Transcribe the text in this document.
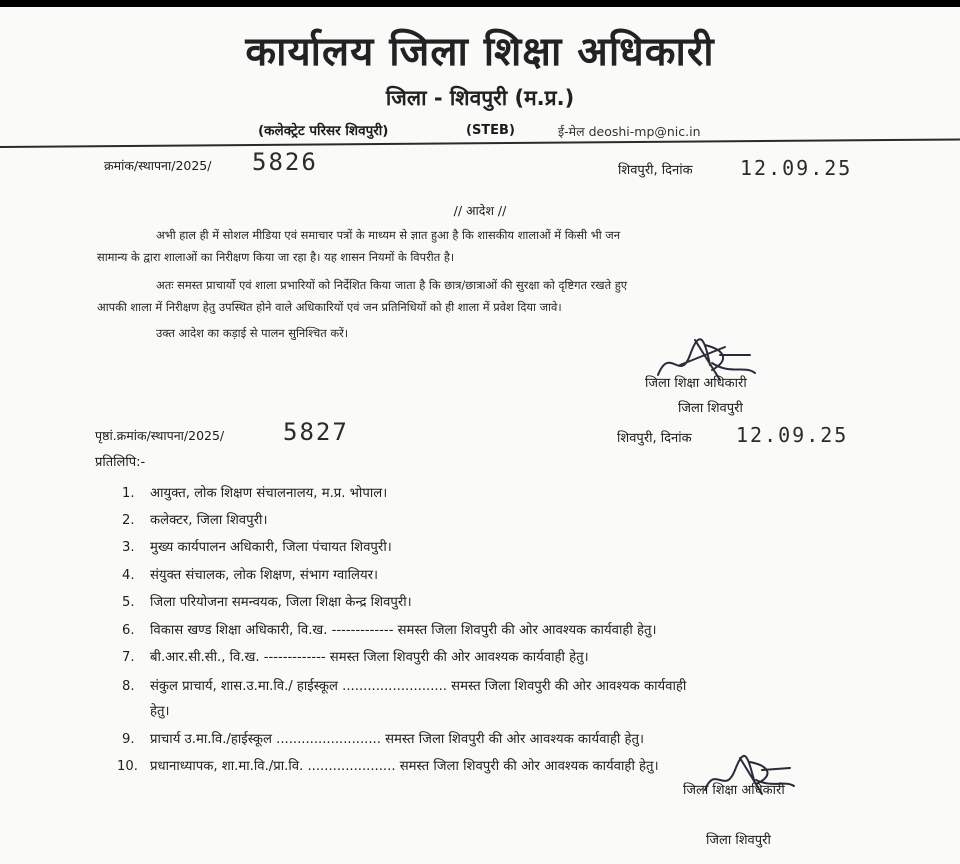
कार्यालय जिला शिक्षा अधिकारी
जिला - शिवपुरी (म.प्र.)
(कलेक्ट्रेट परिसर शिवपुरी)	(STEB)	ई-मेल deoshi-mp@nic.in
क्रमांक/स्थापना/2025/ 5826	शिवपुरी, दिनांक 12.09.25
// आदेश //
अभी हाल ही में सोशल मीडिया एवं समाचार पत्रों के माध्यम से ज्ञात हुआ है कि शासकीय शालाओं में किसी भी जन
सामान्य के द्वारा शालाओं का निरीक्षण किया जा रहा है। यह शासन नियमों के विपरीत है।
अतः समस्त प्राचार्यो एवं शाला प्रभारियों को निर्देशित किया जाता है कि छात्र/छात्राओं की सुरक्षा को दृष्टिगत रखते हुए
आपकी शाला में निरीक्षण हेतु उपस्थित होने वाले अधिकारियों एवं जन प्रतिनिधियों को ही शाला में प्रवेश दिया जावे।
उक्त आदेश का कड़ाई से पालन सुनिश्चित करें।
जिला शिक्षा अधिकारी
जिला शिवपुरी
पृष्ठां.क्रमांक/स्थापना/2025/ 5827	शिवपुरी, दिनांक 12.09.25
प्रतिलिपि:-
1. आयुक्त, लोक शिक्षण संचालनालय, म.प्र. भोपाल।
2. कलेक्टर, जिला शिवपुरी।
3. मुख्य कार्यपालन अधिकारी, जिला पंचायत शिवपुरी।
4. संयुक्त संचालक, लोक शिक्षण, संभाग ग्वालियर।
5. जिला परियोजना समन्वयक, जिला शिक्षा केन्द्र शिवपुरी।
6. विकास खण्ड शिक्षा अधिकारी, वि.ख. ------------- समस्त जिला शिवपुरी की ओर आवश्यक कार्यवाही हेतु।
7. बी.आर.सी.सी., वि.ख. ------------- समस्त जिला शिवपुरी की ओर आवश्यक कार्यवाही हेतु।
8. संकुल प्राचार्य, शास.उ.मा.वि./ हाईस्कूल ......................... समस्त जिला शिवपुरी की ओर आवश्यक कार्यवाही
हेतु।
9. प्राचार्य उ.मा.वि./हाईस्कूल ......................... समस्त जिला शिवपुरी की ओर आवश्यक कार्यवाही हेतु।
10. प्रधानाध्यापक, शा.मा.वि./प्रा.वि. ..................... समस्त जिला शिवपुरी की ओर आवश्यक कार्यवाही हेतु।
जिला शिक्षा अधिकारी
जिला शिवपुरी
